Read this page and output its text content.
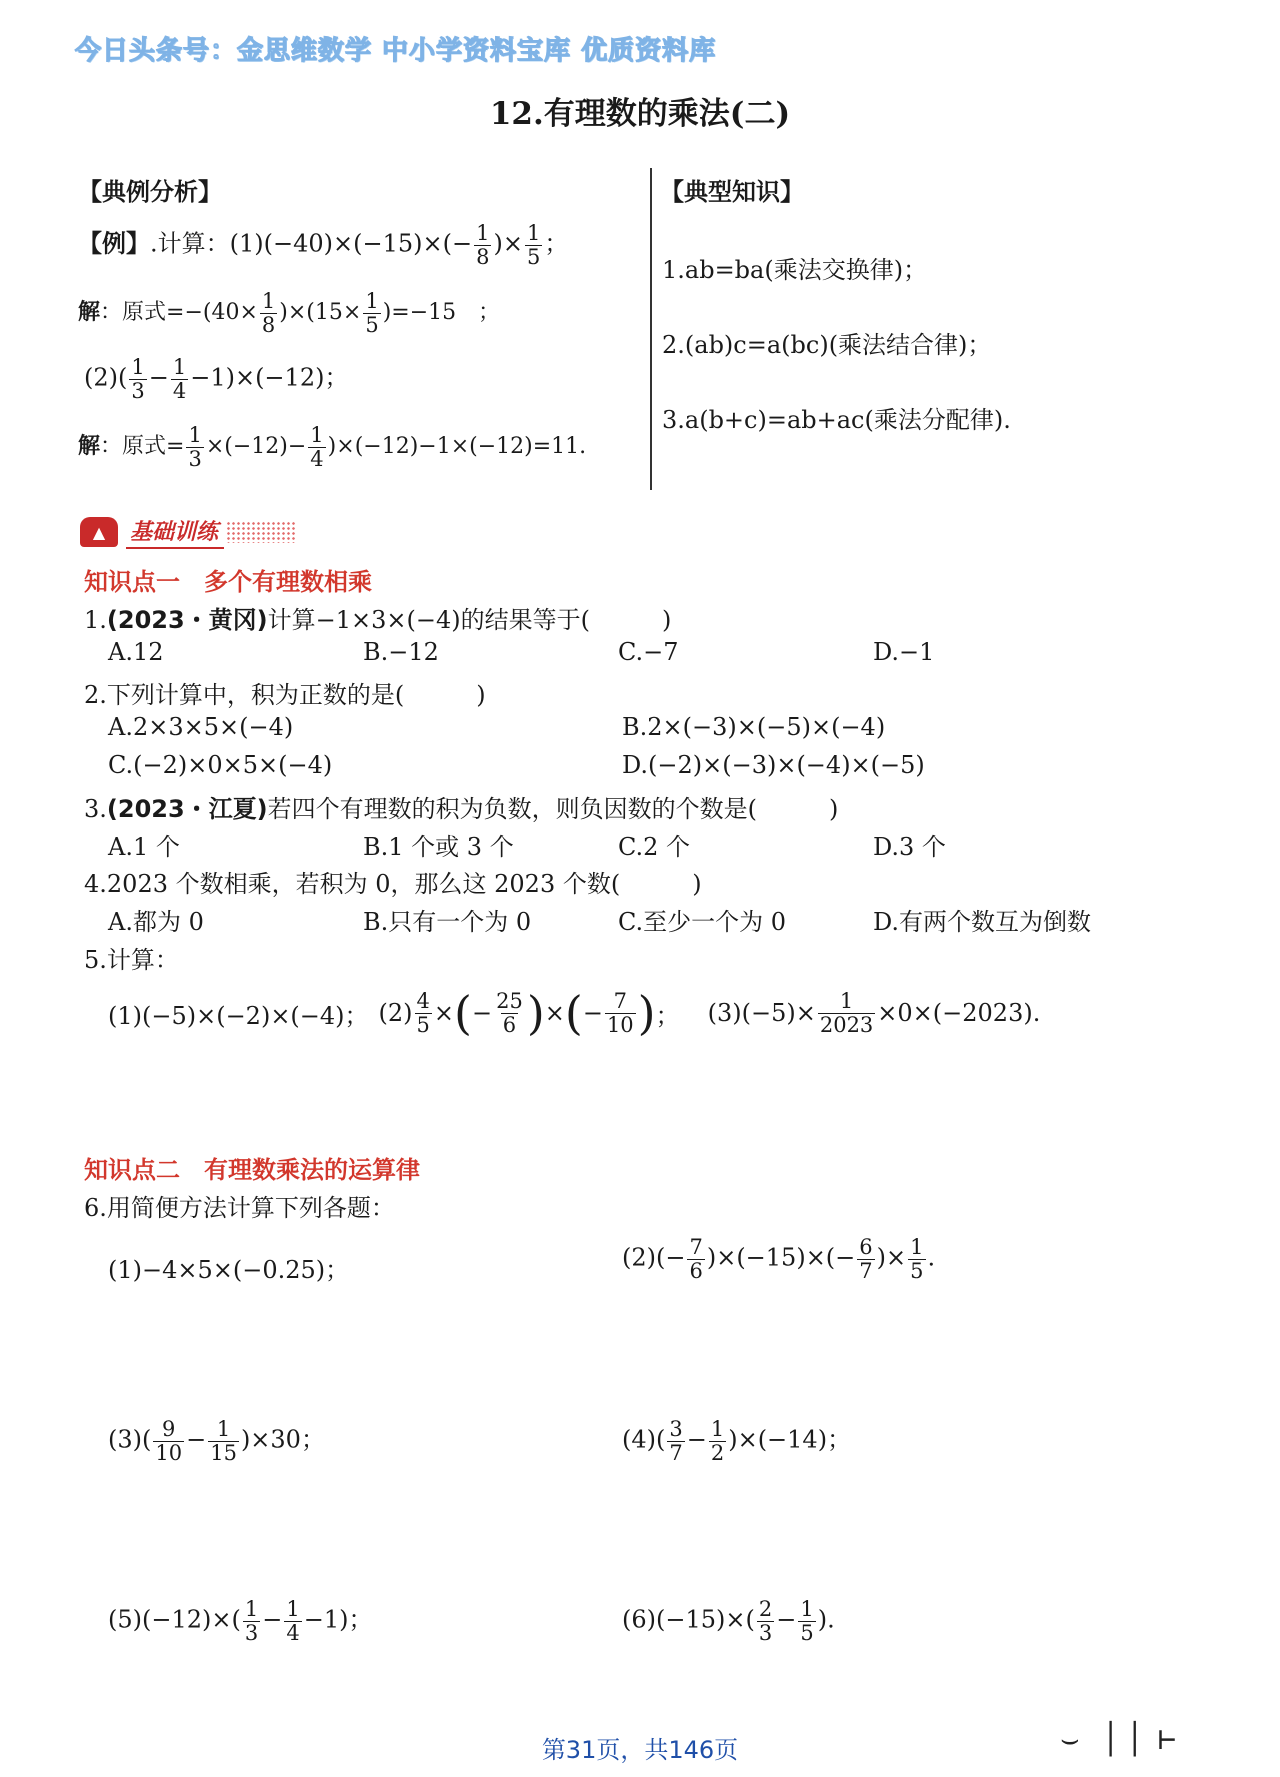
今日头条号：金思维数学 中小学资料宝库 优质资料库
12.有理数的乘法(二)
【典例分析】
【例】.计算：$(1)(-40)\times(-15)\times(- \frac{1}{8}$ )× $\frac{1}{5}$ ；
解：原式$=-(40\times \frac{1}{8} )\times(15\times \frac{1}{5} )=-15$　；
$(2)( \frac{1}{3} - \frac{1}{4} -1)\times(-12)$；
解：原式= $\frac{1}{3} \times(-12)- \frac{1}{4} )\times(-12)-1\times(-12)=11$.
【典型知识】
1.ab=ba(乘法交换律)；
2.(ab)c=a(bc)(乘法结合律)；
3.a(b+c)=ab+ac(乘法分配律).
▲	基础训练
知识点一　多个有理数相乘
1.(2023・黄冈)计算−1×3×(−4)的结果等于(　　　)
A.12	B.−12	C.−7	D.−1
2.下列计算中，积为正数的是(　　　)
A.2×3×5×(−4)	B.2×(−3)×(−5)×(−4)
C.(−2)×0×5×(−4)	D.(−2)×(−3)×(−4)×(−5)
3.(2023・江夏)若四个有理数的积为负数，则负因数的个数是(　　　)
A.1 个	B.1 个或 3 个	C.2 个	D.3 个
4.2023 个数相乘，若积为 0，那么这 2023 个数(　　　)
A.都为 0	B.只有一个为 0	C.至少一个为 0	D.有两个数互为倒数
5.计算：
(1)(−5)×(−2)×(−4)； $(2) \frac{4}{5}$ × ( − $\frac{25}{6}$ ) × ( − $\frac{7}{10}$ ) ； $(3)(-5)\times \frac{1}{2023} \times 0\times(-2023)$.
知识点二　有理数乘法的运算律
6.用简便方法计算下列各题：
(1)−4×5×(−0.25)；	$(2)(- \frac{7}{6} )\times(-15)\times(- \frac{6}{7}$ )× $\frac{1}{5}$ .
$(3)( \frac{9}{10} - \frac{1}{15} )\times 30$；	$(4)( \frac{3}{7} - \frac{1}{2} )\times(-14)$；
$(5)(-12)\times( \frac{1}{3} - \frac{1}{4} -1)$；	$(6)(-15)\times( \frac{2}{3} - \frac{1}{5}$ ).
第31页，共146页	⌣ ▏▏⊢
